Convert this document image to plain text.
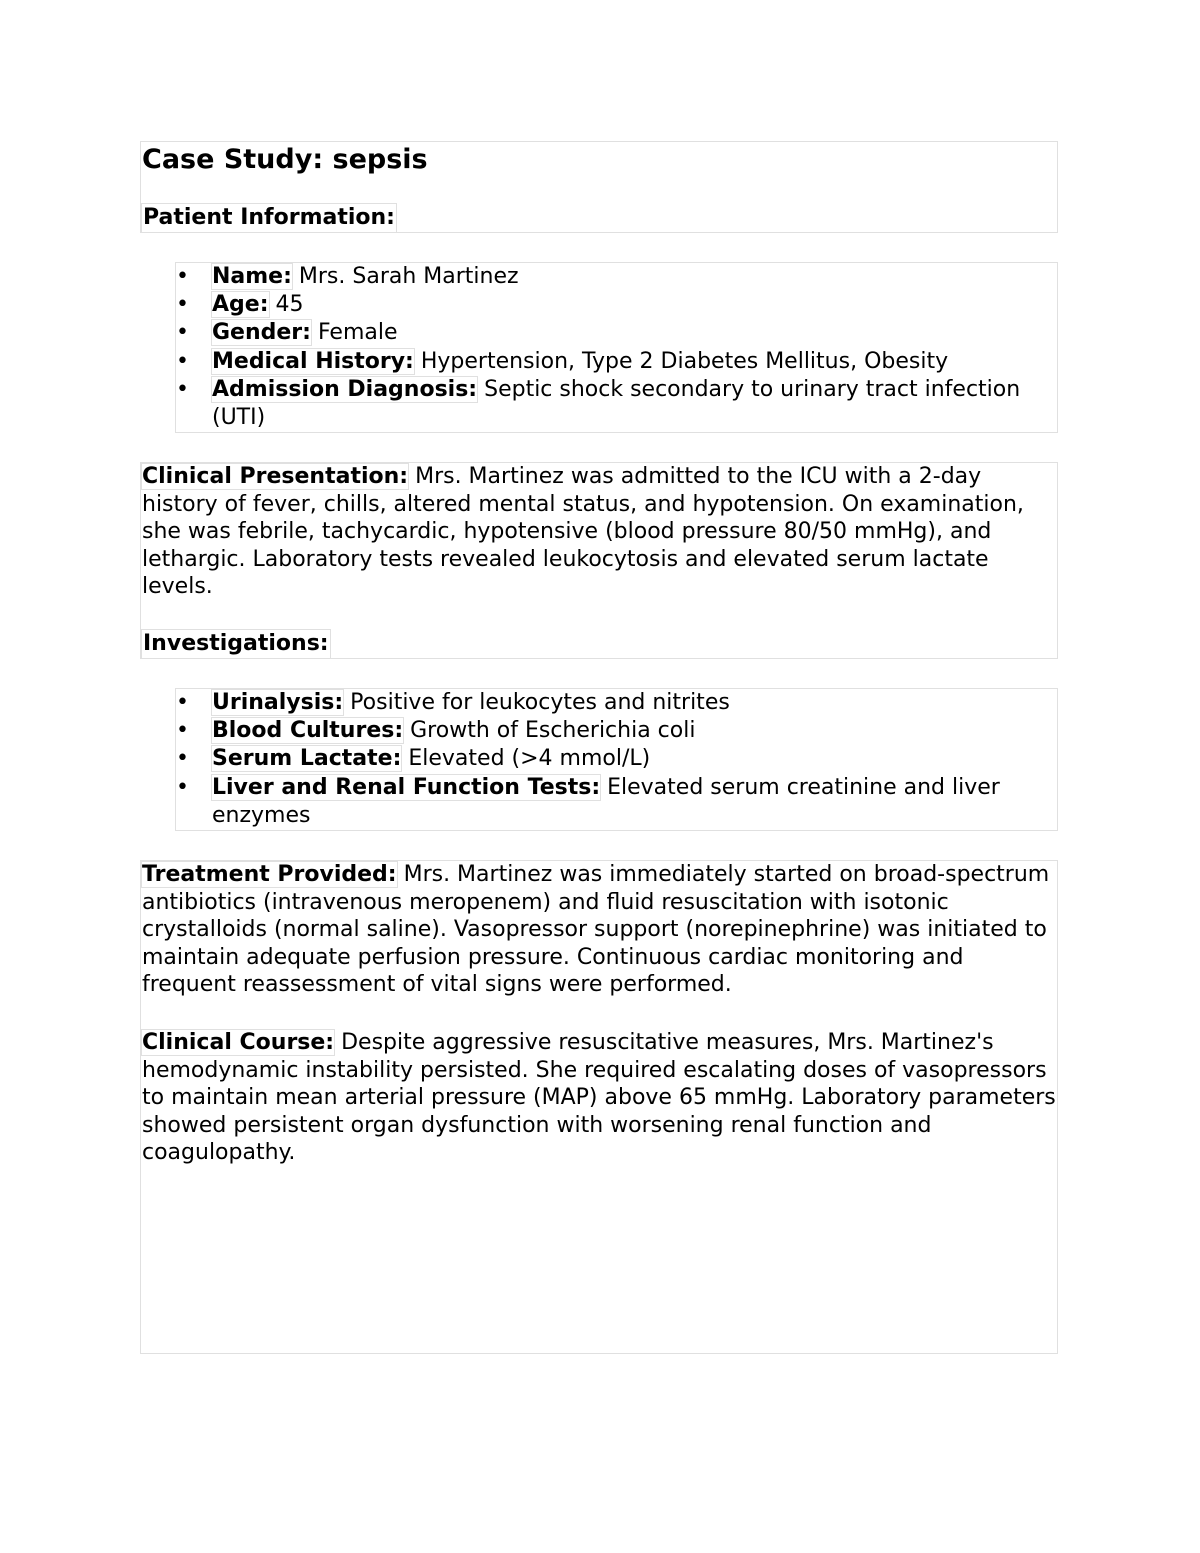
Case Study: sepsis
Patient Information:
• Name: Mrs. Sarah Martinez
• Age: 45
• Gender: Female
• Medical History: Hypertension, Type 2 Diabetes Mellitus, Obesity
• Admission Diagnosis: Septic shock secondary to urinary tract infection (UTI)

Clinical Presentation: Mrs. Martinez was admitted to the ICU with a 2-day history of fever, chills, altered mental status, and hypotension. On examination, she was febrile, tachycardic, hypotensive (blood pressure 80/50 mmHg), and lethargic. Laboratory tests revealed leukocytosis and elevated serum lactate levels.

Investigations:
• Urinalysis: Positive for leukocytes and nitrites
• Blood Cultures: Growth of Escherichia coli
• Serum Lactate: Elevated (>4 mmol/L)
• Liver and Renal Function Tests: Elevated serum creatinine and liver enzymes

Treatment Provided: Mrs. Martinez was immediately started on broad-spectrum antibiotics (intravenous meropenem) and fluid resuscitation with isotonic crystalloids (normal saline). Vasopressor support (norepinephrine) was initiated to maintain adequate perfusion pressure. Continuous cardiac monitoring and frequent reassessment of vital signs were performed.

Clinical Course: Despite aggressive resuscitative measures, Mrs. Martinez's hemodynamic instability persisted. She required escalating doses of vasopressors to maintain mean arterial pressure (MAP) above 65 mmHg. Laboratory parameters showed persistent organ dysfunction with worsening renal function and coagulopathy.
